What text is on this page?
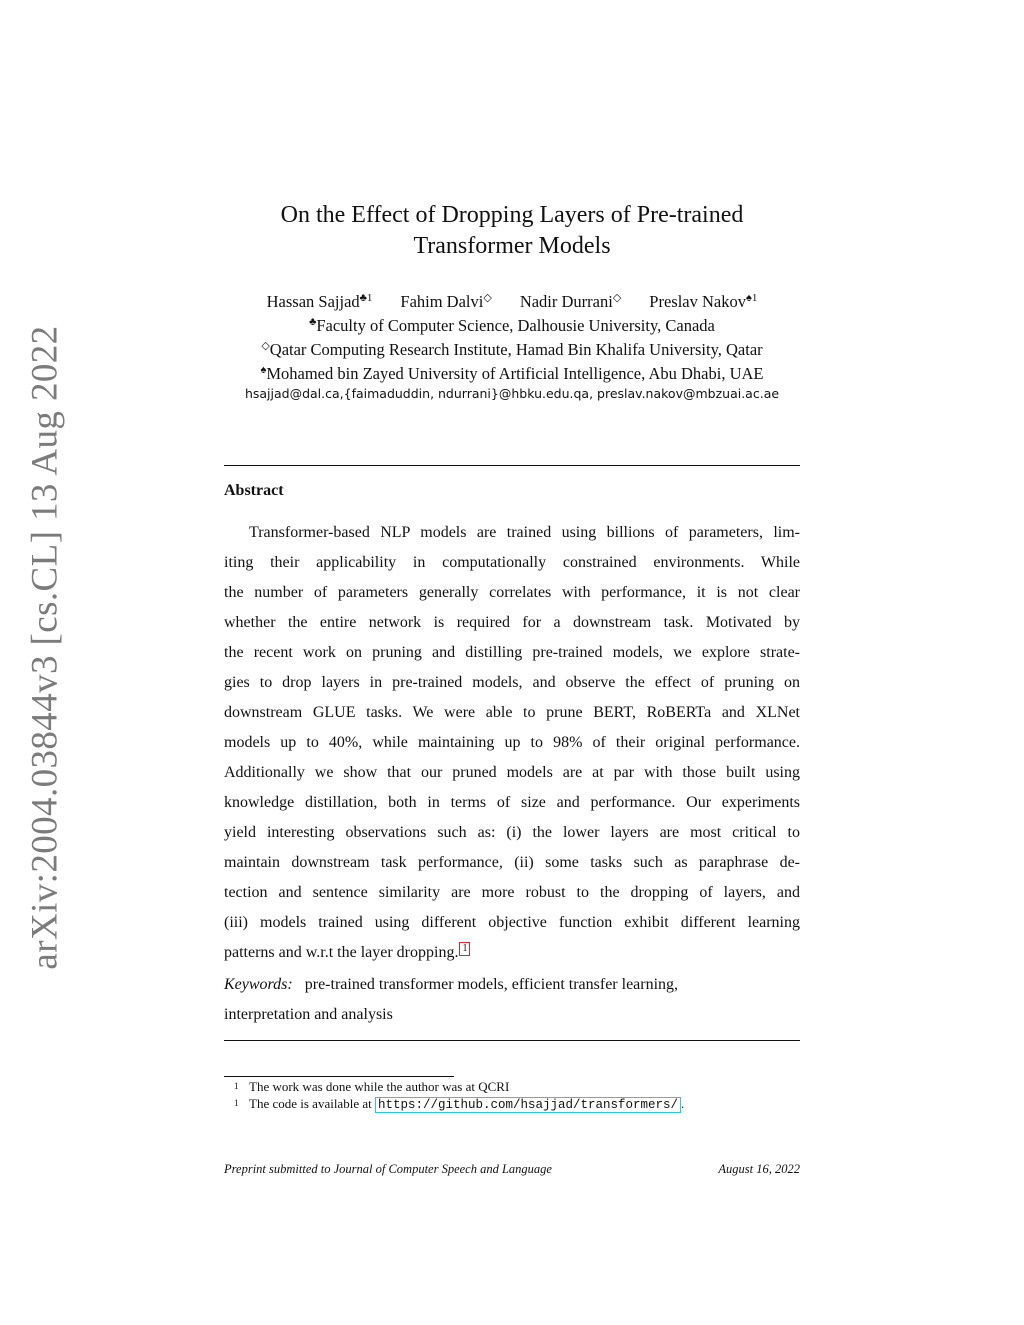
arXiv:2004.03844v3 [cs.CL] 13 Aug 2022
On the Effect of Dropping Layers of Pre-trained
Transformer Models
Hassan Sajjad$^{♣1}$ Fahim Dalvi◇ Nadir Durrani◇ Preslav Nakov$^{♠1}$
♣Faculty of Computer Science, Dalhousie University, Canada
◇Qatar Computing Research Institute, Hamad Bin Khalifa University, Qatar
♠Mohamed bin Zayed University of Artificial Intelligence, Abu Dhabi, UAE
hsajjad@dal.ca,{faimaduddin, ndurrani}@hbku.edu.qa, preslav.nakov@mbzuai.ac.ae
Abstract
Transformer-based NLP models are trained using billions of parameters, lim-
iting their applicability in computationally constrained environments. While
the number of parameters generally correlates with performance, it is not clear
whether the entire network is required for a downstream task. Motivated by
the recent work on pruning and distilling pre-trained models, we explore strate-
gies to drop layers in pre-trained models, and observe the effect of pruning on
downstream GLUE tasks. We were able to prune BERT, RoBERTa and XLNet
models up to 40%, while maintaining up to 98% of their original performance.
Additionally we show that our pruned models are at par with those built using
knowledge distillation, both in terms of size and performance. Our experiments
yield interesting observations such as: (i) the lower layers are most critical to
maintain downstream task performance, (ii) some tasks such as paraphrase de-
tection and sentence similarity are more robust to the dropping of layers, and
(iii) models trained using different objective function exhibit different learning
patterns and w.r.t the layer dropping. 1
Keywords: pre-trained transformer models, efficient transfer learning,
interpretation and analysis
1 The work was done while the author was at QCRI
1 The code is available at https://github.com/hsajjad/transformers/ .
Preprint submitted to Journal of Computer Speech and Language	August 16, 2022
